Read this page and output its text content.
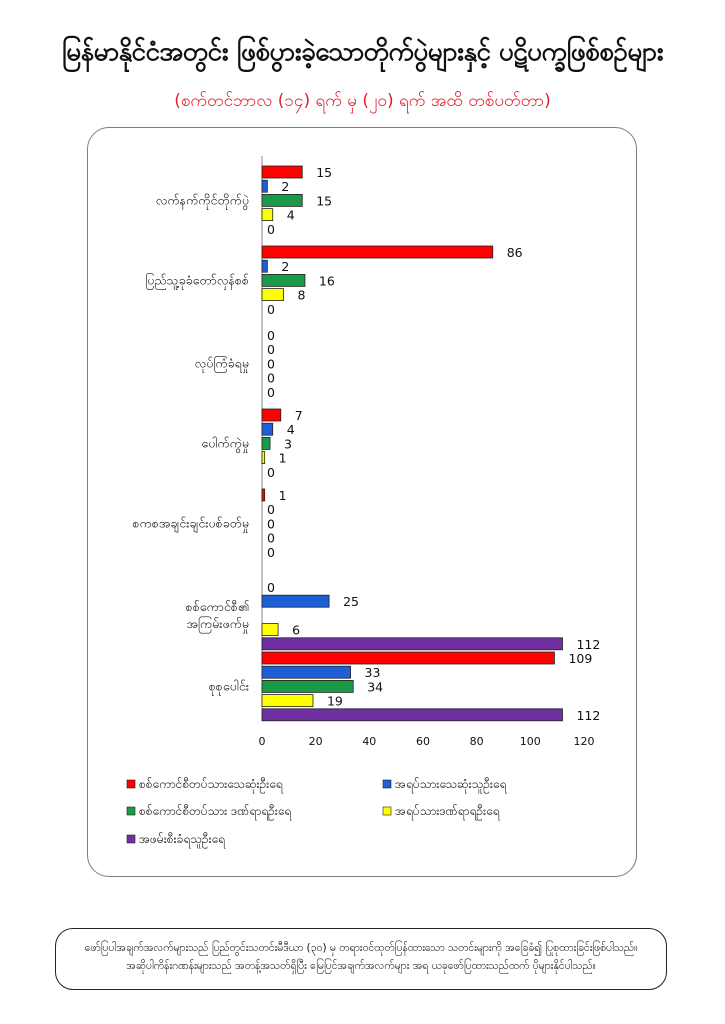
မြန်မာနိုင်ငံအတွင်း ဖြစ်ပွားခဲ့သောတိုက်ပွဲများနှင့် ပဋိပက္ခဖြစ်စဉ်များ
(စက်တင်ဘာလ (၁၄) ရက် မှ (၂၀) ရက် အထိ တစ်ပတ်တာ)
15
2
15
4
0
86
2
16
8
0
0
0
0
0
0
7
4
3
1
0
1
0
0
0
0
0
25
6
112
109
33
34
19
112
လက်နက်ကိုင်တိုက်ပွဲ
ပြည်သူ့ခုခံတော်လှန်စစ်
လုပ်ကြံခံရမှု
ပေါက်ကွဲမှု
စကစအချင်းချင်းပစ်ခတ်မှု
စစ်ကောင်စီ၏
အကြမ်းဖက်မှု
စုစုပေါင်း
0	20	40	60	80	100	120
စစ်ကောင်စီတပ်သားသေဆုံးဦးရေ	အရပ်သားသေဆုံးသူဦးရေ
စစ်ကောင်စီတပ်သား ဒဏ်ရာရဦးရေ	အရပ်သားဒဏ်ရာရဦးရေ
အဖမ်းစီးခံရသူဦးရေ
ဖော်ပြပါအချက်အလက်များသည် ပြည်တွင်းသတင်းမီဒီယာ (၃၀) မှ တရားဝင်ထုတ်ပြန်ထားသော သတင်းများကို အခြေခံ၍ ပြုစုထားခြင်းဖြစ်ပါသည်။
အဆိုပါကိန်းဂဏန်းများသည် အတန့်အသတ်ရှိပြီး မြေပြင်အချက်အလက်များ အရ ယခုဖော်ပြထားသည်ထက် ပိုများနိုင်ပါသည်။
